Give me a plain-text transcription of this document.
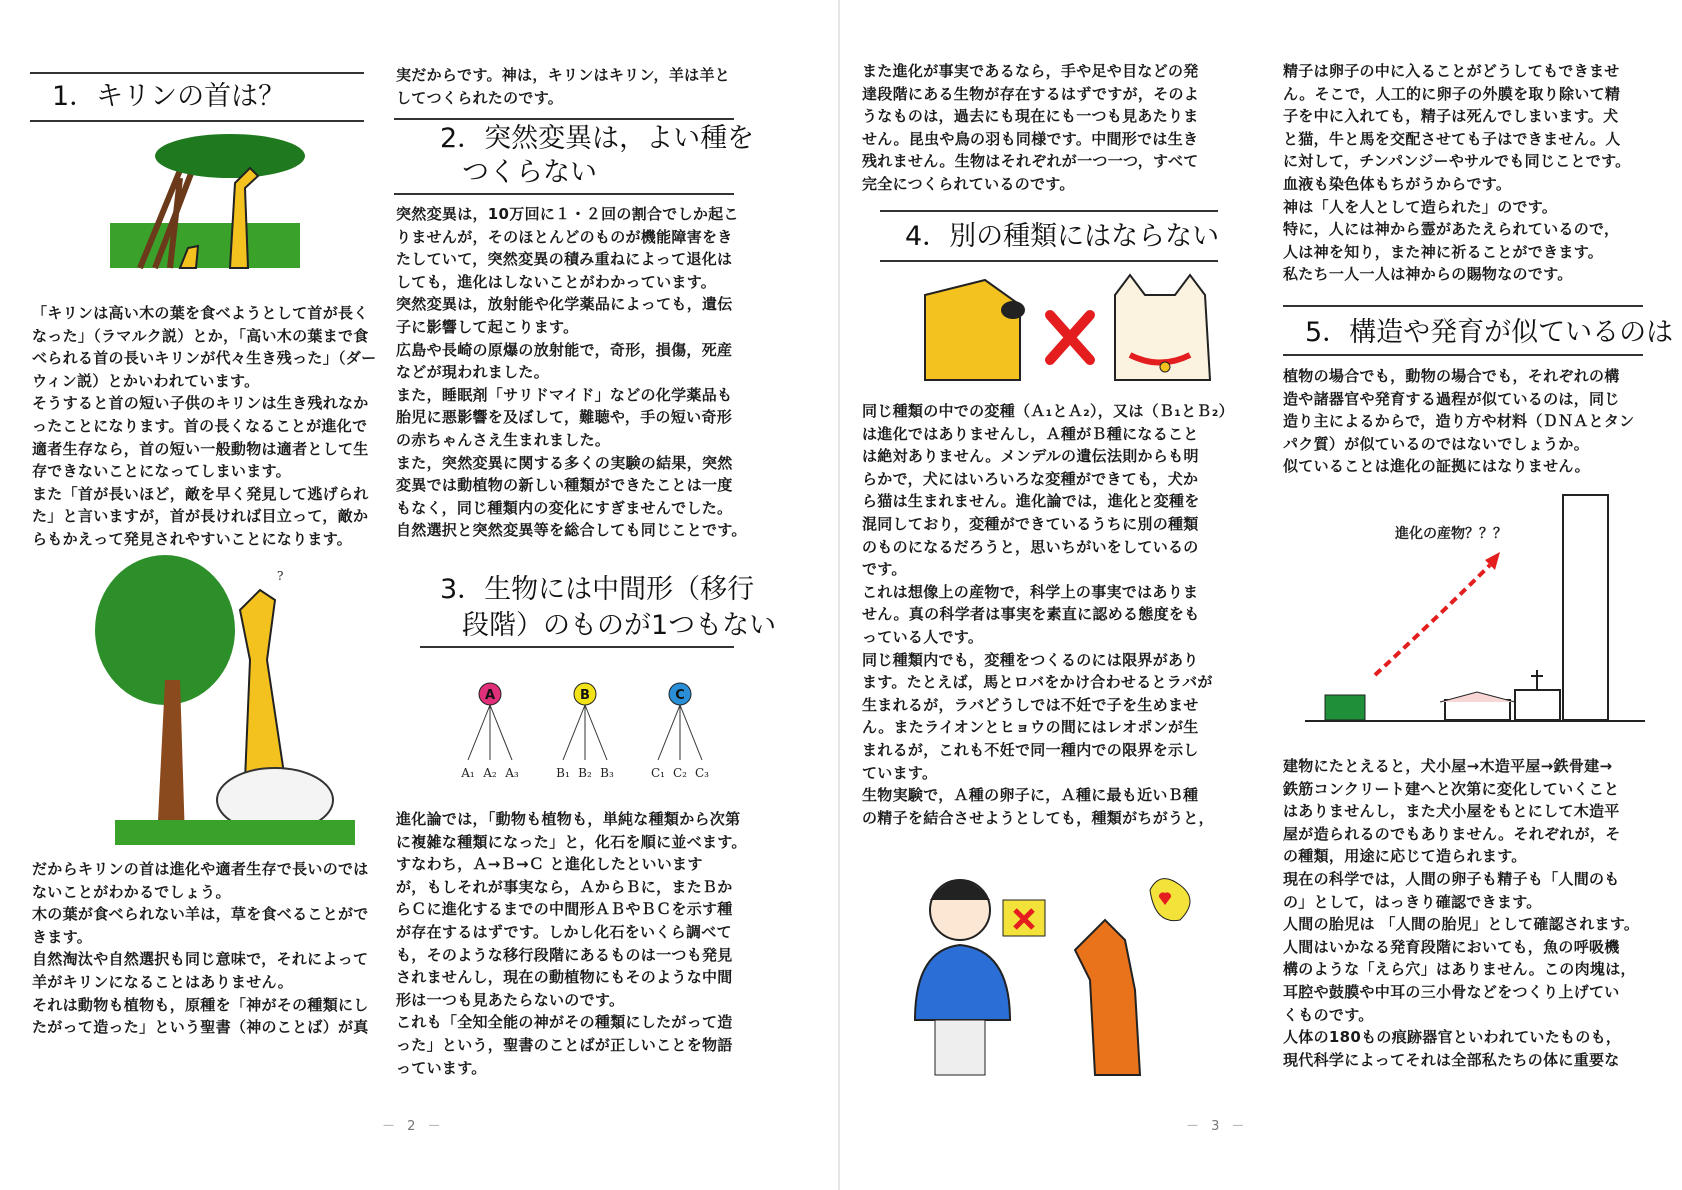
1．キリンの首は？
「キリンは高い木の葉を食べようとして首が長く
なった」（ラマルク説）とか，「高い木の葉まで食
べられる首の長いキリンが代々生き残った」（ダー
ウィン説）とかいわれています。
そうすると首の短い子供のキリンは生き残れなか
ったことになります。首の長くなることが進化で
適者生存なら，首の短い一般動物は適者として生
存できないことになってしまいます。
また「首が長いほど，敵を早く発見して逃げられ
た」と言いますが，首が長ければ目立って，敵か
らもかえって発見されやすいことになります。
?
だからキリンの首は進化や適者生存で長いのでは
ないことがわかるでしょう。
木の葉が食べられない羊は，草を食べることがで
きます。
自然淘汰や自然選択も同じ意味で，それによって
羊がキリンになることはありません。
それは動物も植物も，原種を「神がその種類にし
たがって造った」という聖書（神のことば）が真
実だからです。神は，キリンはキリン，羊は羊と
してつくられたのです。
2．突然変異は，よい種を
つくらない
突然変異は，10万回に１・２回の割合でしか起こ
りませんが，そのほとんどのものが機能障害をき
たしていて，突然変異の積み重ねによって退化は
しても，進化はしないことがわかっています。
突然変異は，放射能や化学薬品によっても，遺伝
子に影響して起こります。
広島や長崎の原爆の放射能で，奇形，損傷，死産
などが現われました。
また，睡眠剤「サリドマイド」などの化学薬品も
胎児に悪影響を及ぼして，難聴や，手の短い奇形
の赤ちゃんさえ生まれました。
また，突然変異に関する多くの実験の結果，突然
変異では動植物の新しい種類ができたことは一度
もなく，同じ種類内の変化にすぎませんでした。
自然選択と突然変異等を総合しても同じことです。
3．生物には中間形（移行
段階）のものが1つもない
A
A₁ A₂ A₃
B
B₁ B₂ B₃
C
C₁ C₂ C₃
進化論では，「動物も植物も，単純な種類から次第
に複雑な種類になった」と，化石を順に並べます。
すなわち，Ａ→Ｂ→Ｃ と進化したといいます
が，もしそれが事実なら，ＡからＢに，またＢか
らＣに進化するまでの中間形ＡＢやＢＣを示す種
が存在するはずです。しかし化石をいくら調べて
も，そのような移行段階にあるものは一つも発見
されませんし，現在の動植物にもそのような中間
形は一つも見あたらないのです。
これも「全知全能の神がその種類にしたがって造
った」という，聖書のことばが正しいことを物語
っています。
－ 2 －
また進化が事実であるなら，手や足や目などの発
達段階にある生物が存在するはずですが，そのよ
うなものは，過去にも現在にも一つも見あたりま
せん。昆虫や鳥の羽も同様です。中間形では生き
残れません。生物はそれぞれが一つ一つ，すべて
完全につくられているのです。
4．別の種類にはならない
同じ種類の中での変種（Ａ₁とＡ₂），又は（Ｂ₁とＢ₂）
は進化ではありませんし，Ａ種がＢ種になること
は絶対ありません。メンデルの遺伝法則からも明
らかで，犬にはいろいろな変種ができても，犬か
ら猫は生まれません。進化論では，進化と変種を
混同しており，変種ができているうちに別の種類
のものになるだろうと，思いちがいをしているの
です。
これは想像上の産物で，科学上の事実ではありま
せん。真の科学者は事実を素直に認める態度をも
っている人です。
同じ種類内でも，変種をつくるのには限界があり
ます。たとえば，馬とロバをかけ合わせるとラバが
生まれるが，ラバどうしでは不妊で子を生めませ
ん。またライオンとヒョウの間にはレオポンが生
まれるが，これも不妊で同一種内での限界を示し
ています。
生物実験で，Ａ種の卵子に，Ａ種に最も近いＢ種
の精子を結合させようとしても，種類がちがうと，
－ 3 －
精子は卵子の中に入ることがどうしてもできませ
ん。そこで，人工的に卵子の外膜を取り除いて精
子を中に入れても，精子は死んでしまいます。犬
と猫，牛と馬を交配させても子はできません。人
に対して，チンパンジーやサルでも同じことです。
血液も染色体もちがうからです。
神は「人を人として造られた」のです。
特に，人には神から霊があたえられているので，
人は神を知り，また神に祈ることができます。
私たち一人一人は神からの賜物なのです。
5．構造や発育が似ているのは
植物の場合でも，動物の場合でも，それぞれの構
造や諸器官や発育する過程が似ているのは，同じ
造り主によるからで，造り方や材料（ＤＮＡとタン
パク質）が似ているのではないでしょうか。
似ていることは進化の証拠にはなりません。
進化の産物？？？
建物にたとえると，犬小屋→木造平屋→鉄骨建→
鉄筋コンクリート建へと次第に変化していくこと
はありませんし，また犬小屋をもとにして木造平
屋が造られるのでもありません。それぞれが，そ
の種類，用途に応じて造られます。
現在の科学では，人間の卵子も精子も「人間のも
の」として，はっきり確認できます。
人間の胎児は 「人間の胎児」として確認されます。
人間はいかなる発育段階においても，魚の呼吸機
構のような「えら穴」はありません。この肉塊は，
耳腔や鼓膜や中耳の三小骨などをつくり上げてい
くものです。
人体の180もの痕跡器官といわれていたものも，
現代科学によってそれは全部私たちの体に重要な
